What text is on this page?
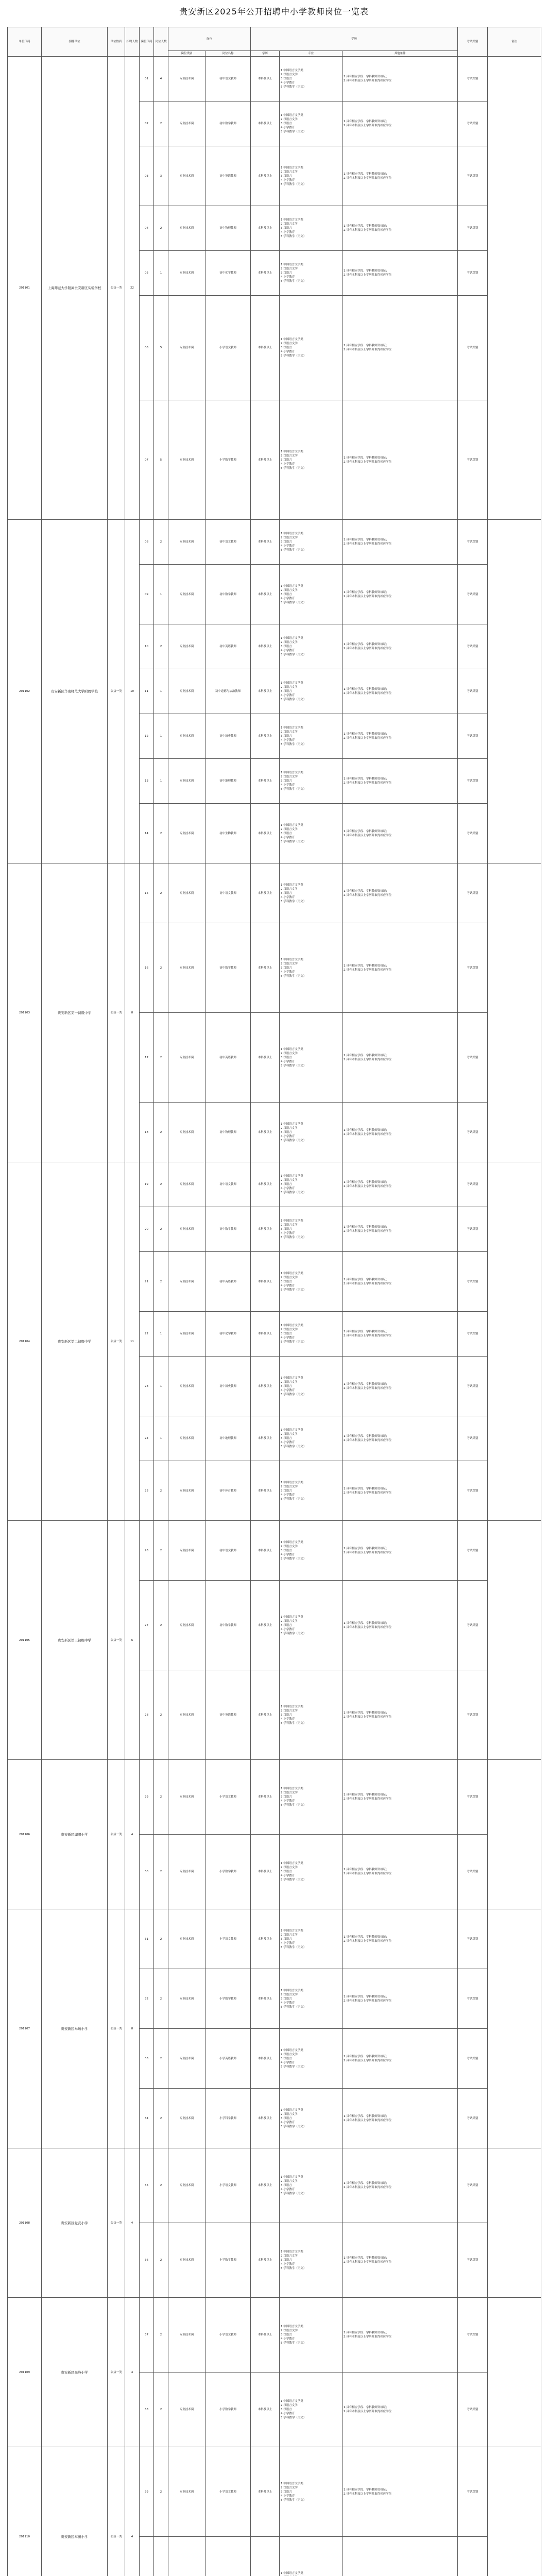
贵安新区2025年公开招聘中小学教师岗位一览表
单位代码	招聘单位	单位性质	招聘人数	岗位代码	岗位人数	岗位		学历			考试类别	备注
						岗位类别	岗位名称	学历	专业	其他条件		
201101	上海师范大学附属贵安新区实验学校	公益一类	22	01	4	专业技术岗	初中语文教师	本科及以上	1.中国语言文学类
2.汉语言文学
3.汉语言
4.小学教育
5.学科教学（语文）	1.具有相应学段、学科教师资格证；
2.具有本科及以上学历并取得相应学位	考试类别	
				02	2	专业技术岗	初中数学教师	本科及以上	1.中国语言文学类
2.汉语言文学
3.汉语言
4.小学教育
5.学科教学（语文）	1.具有相应学段、学科教师资格证；
2.具有本科及以上学历并取得相应学位	考试类别	
				03	3	专业技术岗	初中英语教师	本科及以上	1.中国语言文学类
2.汉语言文学
3.汉语言
4.小学教育
5.学科教学（语文）	1.具有相应学段、学科教师资格证；
2.具有本科及以上学历并取得相应学位	考试类别	
				04	2	专业技术岗	初中物理教师	本科及以上	1.中国语言文学类
2.汉语言文学
3.汉语言
4.小学教育
5.学科教学（语文）	1.具有相应学段、学科教师资格证；
2.具有本科及以上学历并取得相应学位	考试类别	
				05	1	专业技术岗	初中化学教师	本科及以上	1.中国语言文学类
2.汉语言文学
3.汉语言
4.小学教育
5.学科教学（语文）	1.具有相应学段、学科教师资格证；
2.具有本科及以上学历并取得相应学位	考试类别	
				06	5	专业技术岗	小学语文教师	本科及以上	1.中国语言文学类
2.汉语言文学
3.汉语言
4.小学教育
5.学科教学（语文）	1.具有相应学段、学科教师资格证；
2.具有本科及以上学历并取得相应学位	考试类别	
				07	5	专业技术岗	小学数学教师	本科及以上	1.中国语言文学类
2.汉语言文学
3.汉语言
4.小学教育
5.学科教学（语文）	1.具有相应学段、学科教师资格证；
2.具有本科及以上学历并取得相应学位	考试类别	
201102	贵安新区华南师范大学附属学校	公益一类	10	08	2	专业技术岗	初中语文教师	本科及以上	1.中国语言文学类
2.汉语言文学
3.汉语言
4.小学教育
5.学科教学（语文）	1.具有相应学段、学科教师资格证；
2.具有本科及以上学历并取得相应学位	考试类别	
				09	1	专业技术岗	初中数学教师	本科及以上	1.中国语言文学类
2.汉语言文学
3.汉语言
4.小学教育
5.学科教学（语文）	1.具有相应学段、学科教师资格证；
2.具有本科及以上学历并取得相应学位	考试类别	
				10	2	专业技术岗	初中英语教师	本科及以上	1.中国语言文学类
2.汉语言文学
3.汉语言
4.小学教育
5.学科教学（语文）	1.具有相应学段、学科教师资格证；
2.具有本科及以上学历并取得相应学位	考试类别	
				11	1	专业技术岗	初中道德与法治教师	本科及以上	1.中国语言文学类
2.汉语言文学
3.汉语言
4.小学教育
5.学科教学（语文）	1.具有相应学段、学科教师资格证；
2.具有本科及以上学历并取得相应学位	考试类别	
				12	1	专业技术岗	初中历史教师	本科及以上	1.中国语言文学类
2.汉语言文学
3.汉语言
4.小学教育
5.学科教学（语文）	1.具有相应学段、学科教师资格证；
2.具有本科及以上学历并取得相应学位	考试类别	
				13	1	专业技术岗	初中地理教师	本科及以上	1.中国语言文学类
2.汉语言文学
3.汉语言
4.小学教育
5.学科教学（语文）	1.具有相应学段、学科教师资格证；
2.具有本科及以上学历并取得相应学位	考试类别	
				14	2	专业技术岗	初中生物教师	本科及以上	1.中国语言文学类
2.汉语言文学
3.汉语言
4.小学教育
5.学科教学（语文）	1.具有相应学段、学科教师资格证；
2.具有本科及以上学历并取得相应学位	考试类别	
201103	贵安新区第一初级中学	公益一类	8	15	2	专业技术岗	初中语文教师	本科及以上	1.中国语言文学类
2.汉语言文学
3.汉语言
4.小学教育
5.学科教学（语文）	1.具有相应学段、学科教师资格证；
2.具有本科及以上学历并取得相应学位	考试类别	
				16	2	专业技术岗	初中数学教师	本科及以上	1.中国语言文学类
2.汉语言文学
3.汉语言
4.小学教育
5.学科教学（语文）	1.具有相应学段、学科教师资格证；
2.具有本科及以上学历并取得相应学位	考试类别	
				17	2	专业技术岗	初中英语教师	本科及以上	1.中国语言文学类
2.汉语言文学
3.汉语言
4.小学教育
5.学科教学（语文）	1.具有相应学段、学科教师资格证；
2.具有本科及以上学历并取得相应学位	考试类别	
				18	2	专业技术岗	初中物理教师	本科及以上	1.中国语言文学类
2.汉语言文学
3.汉语言
4.小学教育
5.学科教学（语文）	1.具有相应学段、学科教师资格证；
2.具有本科及以上学历并取得相应学位	考试类别	
201104	贵安新区第二初级中学	公益一类	11	19	2	专业技术岗	初中语文教师	本科及以上	1.中国语言文学类
2.汉语言文学
3.汉语言
4.小学教育
5.学科教学（语文）	1.具有相应学段、学科教师资格证；
2.具有本科及以上学历并取得相应学位	考试类别	
				20	2	专业技术岗	初中数学教师	本科及以上	1.中国语言文学类
2.汉语言文学
3.汉语言
4.小学教育
5.学科教学（语文）	1.具有相应学段、学科教师资格证；
2.具有本科及以上学历并取得相应学位	考试类别	
				21	2	专业技术岗	初中英语教师	本科及以上	1.中国语言文学类
2.汉语言文学
3.汉语言
4.小学教育
5.学科教学（语文）	1.具有相应学段、学科教师资格证；
2.具有本科及以上学历并取得相应学位	考试类别	
				22	1	专业技术岗	初中化学教师	本科及以上	1.中国语言文学类
2.汉语言文学
3.汉语言
4.小学教育
5.学科教学（语文）	1.具有相应学段、学科教师资格证；
2.具有本科及以上学历并取得相应学位	考试类别	
				23	1	专业技术岗	初中历史教师	本科及以上	1.中国语言文学类
2.汉语言文学
3.汉语言
4.小学教育
5.学科教学（语文）	1.具有相应学段、学科教师资格证；
2.具有本科及以上学历并取得相应学位	考试类别	
				24	1	专业技术岗	初中地理教师	本科及以上	1.中国语言文学类
2.汉语言文学
3.汉语言
4.小学教育
5.学科教学（语文）	1.具有相应学段、学科教师资格证；
2.具有本科及以上学历并取得相应学位	考试类别	
				25	2	专业技术岗	初中体育教师	本科及以上	1.中国语言文学类
2.汉语言文学
3.汉语言
4.小学教育
5.学科教学（语文）	1.具有相应学段、学科教师资格证；
2.具有本科及以上学历并取得相应学位	考试类别	
201105	贵安新区第三初级中学	公益一类	6	26	2	专业技术岗	初中语文教师	本科及以上	1.中国语言文学类
2.汉语言文学
3.汉语言
4.小学教育
5.学科教学（语文）	1.具有相应学段、学科教师资格证；
2.具有本科及以上学历并取得相应学位	考试类别	
				27	2	专业技术岗	初中数学教师	本科及以上	1.中国语言文学类
2.汉语言文学
3.汉语言
4.小学教育
5.学科教学（语文）	1.具有相应学段、学科教师资格证；
2.具有本科及以上学历并取得相应学位	考试类别	
				28	2	专业技术岗	初中英语教师	本科及以上	1.中国语言文学类
2.汉语言文学
3.汉语言
4.小学教育
5.学科教学（语文）	1.具有相应学段、学科教师资格证；
2.具有本科及以上学历并取得相应学位	考试类别	
201106	贵安新区湖潮小学	公益一类	4	29	2	专业技术岗	小学语文教师	本科及以上	1.中国语言文学类
2.汉语言文学
3.汉语言
4.小学教育
5.学科教学（语文）	1.具有相应学段、学科教师资格证；
2.具有本科及以上学历并取得相应学位	考试类别	
				30	2	专业技术岗	小学数学教师	本科及以上	1.中国语言文学类
2.汉语言文学
3.汉语言
4.小学教育
5.学科教学（语文）	1.具有相应学段、学科教师资格证；
2.具有本科及以上学历并取得相应学位	考试类别	
201107	贵安新区马场小学	公益一类	8	31	2	专业技术岗	小学语文教师	本科及以上	1.中国语言文学类
2.汉语言文学
3.汉语言
4.小学教育
5.学科教学（语文）	1.具有相应学段、学科教师资格证；
2.具有本科及以上学历并取得相应学位	考试类别	
				32	2	专业技术岗	小学数学教师	本科及以上	1.中国语言文学类
2.汉语言文学
3.汉语言
4.小学教育
5.学科教学（语文）	1.具有相应学段、学科教师资格证；
2.具有本科及以上学历并取得相应学位	考试类别	
				33	2	专业技术岗	小学英语教师	本科及以上	1.中国语言文学类
2.汉语言文学
3.汉语言
4.小学教育
5.学科教学（语文）	1.具有相应学段、学科教师资格证；
2.具有本科及以上学历并取得相应学位	考试类别	
				34	2	专业技术岗	小学科学教师	本科及以上	1.中国语言文学类
2.汉语言文学
3.汉语言
4.小学教育
5.学科教学（语文）	1.具有相应学段、学科教师资格证；
2.具有本科及以上学历并取得相应学位	考试类别	
201108	贵安新区党武小学	公益一类	4	35	2	专业技术岗	小学语文教师	本科及以上	1.中国语言文学类
2.汉语言文学
3.汉语言
4.小学教育
5.学科教学（语文）	1.具有相应学段、学科教师资格证；
2.具有本科及以上学历并取得相应学位	考试类别	
				36	2	专业技术岗	小学数学教师	本科及以上	1.中国语言文学类
2.汉语言文学
3.汉语言
4.小学教育
5.学科教学（语文）	1.具有相应学段、学科教师资格证；
2.具有本科及以上学历并取得相应学位	考试类别	
201109	贵安新区高峰小学	公益一类	4	37	2	专业技术岗	小学语文教师	本科及以上	1.中国语言文学类
2.汉语言文学
3.汉语言
4.小学教育
5.学科教学（语文）	1.具有相应学段、学科教师资格证；
2.具有本科及以上学历并取得相应学位	考试类别	
				38	2	专业技术岗	小学数学教师	本科及以上	1.中国语言文学类
2.汉语言文学
3.汉语言
4.小学教育
5.学科教学（语文）	1.具有相应学段、学科教师资格证；
2.具有本科及以上学历并取得相应学位	考试类别	
201110	贵安新区车田小学	公益一类	4	39	2	专业技术岗	小学语文教师	本科及以上	1.中国语言文学类
2.汉语言文学
3.汉语言
4.小学教育
5.学科教学（语文）	1.具有相应学段、学科教师资格证；
2.具有本科及以上学历并取得相应学位	考试类别	
					1.中国语言文学类
